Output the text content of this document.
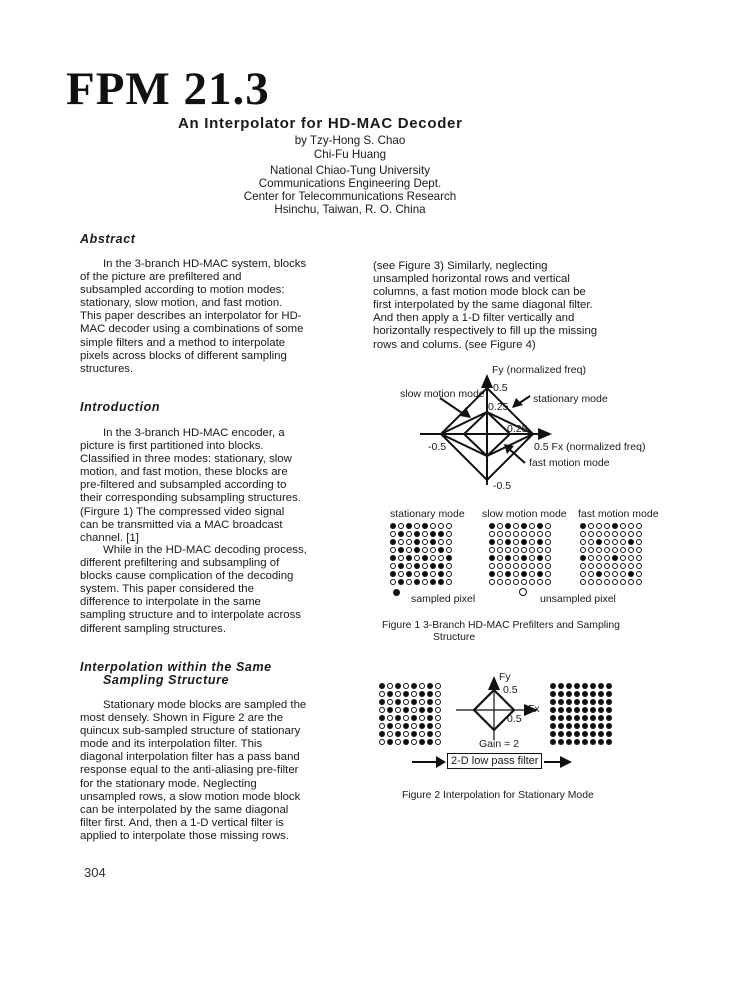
FPM 21.3
An Interpolator for HD-MAC Decoder
by Tzy-Hong S. Chao
Chi-Fu Huang
National Chiao-Tung University
Communications Engineering Dept.
Center for Telecommunications Research
Hsinchu, Taiwan, R. O. China
Abstract
In the 3-branch HD-MAC system, blocks
of the picture are prefiltered and
subsampled according to motion modes:
stationary, slow motion, and fast motion.
This paper describes an interpolator for HD-
MAC decoder using a combinations of some
simple filters and a method to interpolate
pixels across blocks of different sampling
structures.
Introduction
In the 3-branch HD-MAC encoder, a
picture is first partitioned into blocks.
Classified in three modes: stationary, slow
motion, and fast motion, these blocks are
pre-filtered and subsampled according to
their corresponding subsampling structures.
(Firgure 1) The compressed video signal
can be transmitted via a MAC broadcast
channel. [1]
While in the HD-MAC decoding process,
different prefiltering and subsampling of
blocks cause complication of the decoding
system. This paper considered the
difference to interpolate in the same
sampling structure and to interpolate across
different sampling structures.
Interpolation within the Same
Sampling Structure
Stationary mode blocks are sampled the
most densely. Shown in Figure 2 are the
quincux sub-sampled structure of stationary
mode and its interpolation filter. This
diagonal interpolation filter has a pass band
response equal to the anti-aliasing pre-filter
for the stationary mode. Neglecting
unsampled rows, a slow motion mode block
can be interpolated by the same diagonal
filter first. And, then a 1-D vertical filter is
applied to interpolate those missing rows.
304
(see Figure 3) Similarly, neglecting
unsampled horizontal rows and vertical
columns, a fast motion mode block can be
first interpolated by the same diagonal filter.
And then apply a 1-D filter vertically and
horizontally respectively to fill up the missing
rows and colums. (see Figure 4)
Fy (normalized freq)
0.5
slow motion mode	stationary mode
0.25
0.25
-0.5	0.5 Fx (normalized freq)
fast motion mode
-0.5
stationary mode slow motion mode fast motion mode
sampled pixel	unsampled pixel
Figure 1 3-Branch HD-MAC Prefilters and Sampling
Structure
Fy
0.5
Fx
0.5
Gain = 2
2-D low pass filter
Figure 2 Interpolation for Stationary Mode
